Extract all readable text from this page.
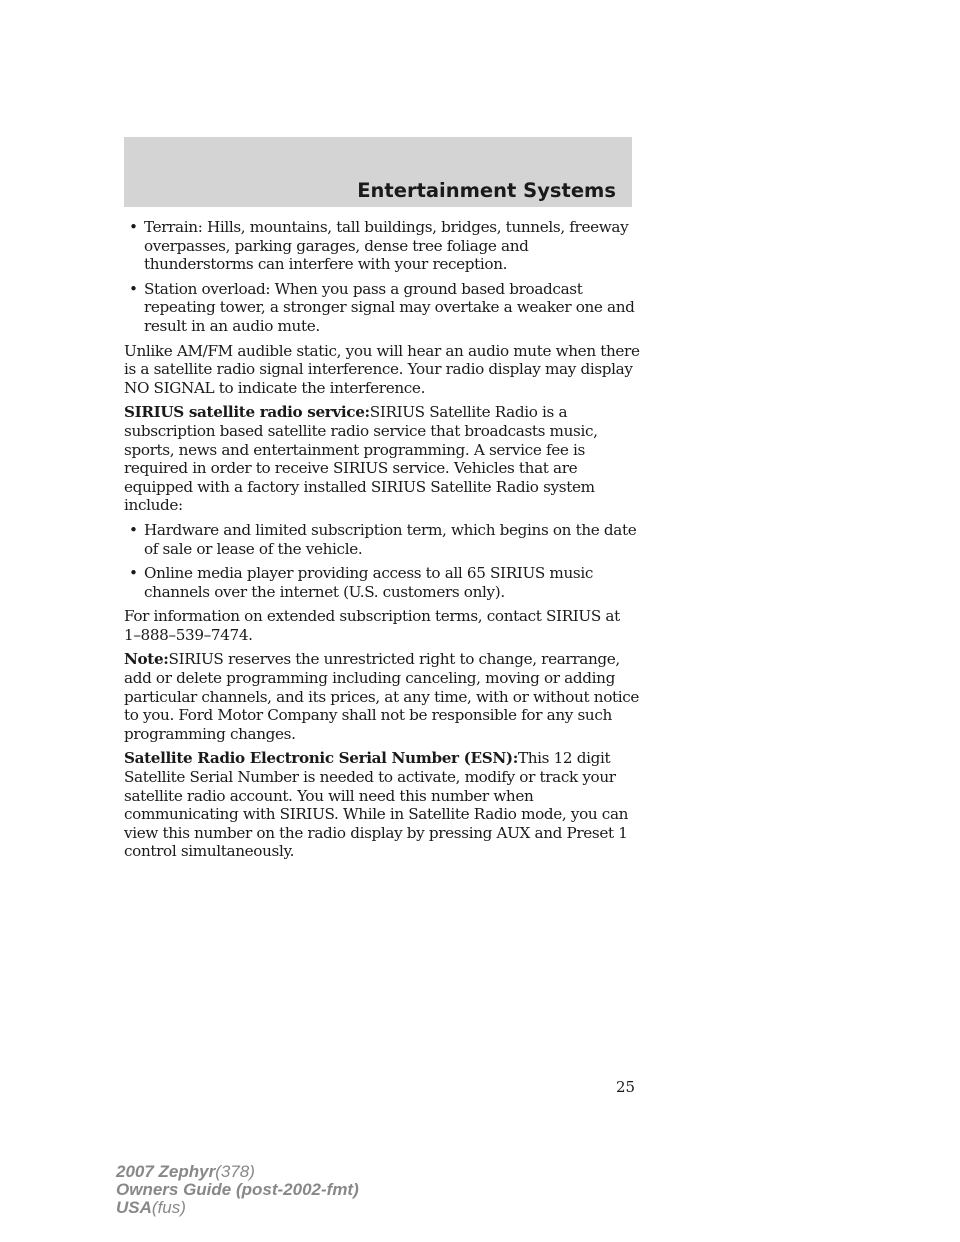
Entertainment Systems
• Terrain: Hills, mountains, tall buildings, bridges, tunnels, freeway overpasses, parking garages, dense tree foliage and thunderstorms can interfere with your reception.
• Station overload: When you pass a ground based broadcast repeating tower, a stronger signal may overtake a weaker one and result in an audio mute.

Unlike AM/FM audible static, you will hear an audio mute when there is a satellite radio signal interference. Your radio display may display NO SIGNAL to indicate the interference.

SIRIUS satellite radio service:SIRIUS Satellite Radio is a subscription based satellite radio service that broadcasts music, sports, news and entertainment programming. A service fee is required in order to receive SIRIUS service. Vehicles that are equipped with a factory installed SIRIUS Satellite Radio system include:

• Hardware and limited subscription term, which begins on the date of sale or lease of the vehicle.
• Online media player providing access to all 65 SIRIUS music channels over the internet (U.S. customers only).

For information on extended subscription terms, contact SIRIUS at 1–888–539–7474.

Note:SIRIUS reserves the unrestricted right to change, rearrange, add or delete programming including canceling, moving or adding particular channels, and its prices, at any time, with or without notice to you. Ford Motor Company shall not be responsible for any such programming changes.

Satellite Radio Electronic Serial Number (ESN):This 12 digit Satellite Serial Number is needed to activate, modify or track your satellite radio account. You will need this number when communicating with SIRIUS. While in Satellite Radio mode, you can view this number on the radio display by pressing AUX and Preset 1 control simultaneously.

25
2007 Zephyr(378)
Owners Guide (post-2002-fmt)
USA(fus)
